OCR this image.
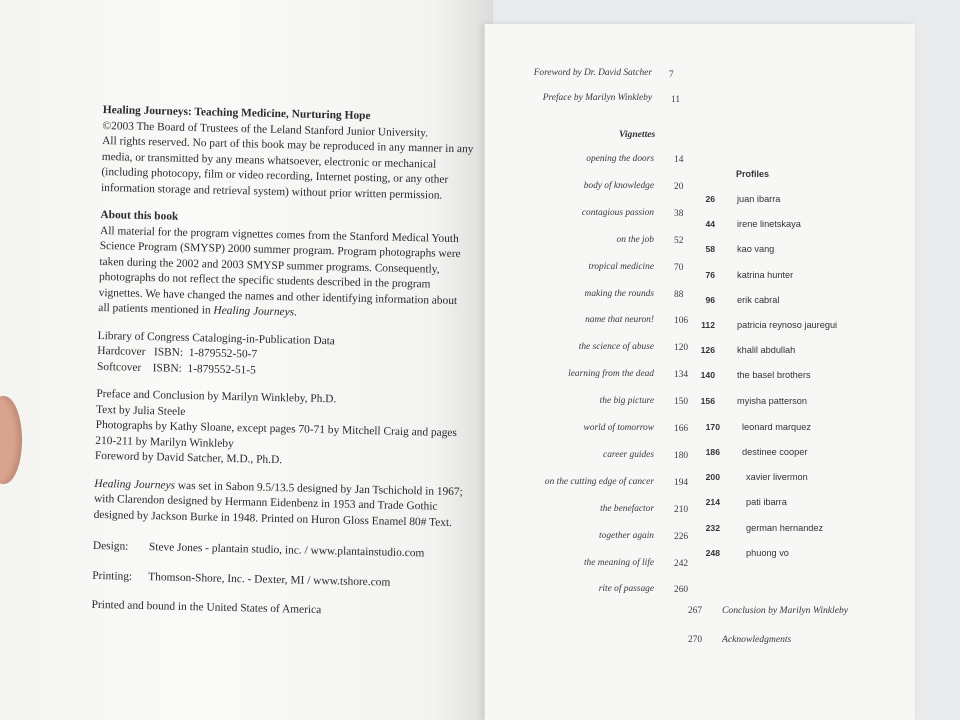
Healing Journeys: Teaching Medicine, Nurturing Hope

©2003 The Board of Trustees of the Leland Stanford Junior University.

All rights reserved. No part of this book may be reproduced in any manner in any media, or transmitted by any means whatsoever, electronic or mechanical (including photocopy, film or video recording, Internet posting, or any other information storage and retrieval system) without prior written permission.

About this book

All material for the program vignettes comes from the Stanford Medical Youth Science Program (SMYSP) 2000 summer program. Program photographs were taken during the 2002 and 2003 SMYSP summer programs. Consequently, photographs do not reflect the specific students described in the program vignettes. We have changed the names and other identifying information about all patients mentioned in Healing Journeys.

Library of Congress Cataloging-in-Publication Data

Hardcover   ISBN:  1-879552-50-7

Softcover    ISBN:  1-879552-51-5

Preface and Conclusion by Marilyn Winkleby, Ph.D.

Text by Julia Steele

Photographs by Kathy Sloane, except pages 70-71 by Mitchell Craig and pages 210-211 by Marilyn Winkleby

Foreword by David Satcher, M.D., Ph.D.

Healing Journeys was set in Sabon 9.5/13.5 designed by Jan Tschichold in 1967; with Clarendon designed by Hermann Eidenbenz in 1953 and Trade Gothic designed by Jackson Burke in 1948. Printed on Huron Gloss Enamel 80# Text.

Design:	Steve Jones - plantain studio, inc. / www.plantainstudio.com
Printing:	Thomson-Shore, Inc. - Dexter, MI / www.tshore.com

Printed and bound in the United States of America

Foreword by Dr. David Satcher 7
Preface by Marilyn Winkleby 11
Vignettes
opening the doors 14
body of knowledge 20
contagious passion 38
on the job 52
tropical medicine 70
making the rounds 88
name that neuron! 106
the science of abuse 120
learning from the dead 134
the big picture 150
world of tomorrow 166
career guides 180
on the cutting edge of cancer 194
the benefactor 210
together again 226
the meaning of life 242
rite of passage 260
Profiles
26 juan ibarra
44 irene linetskaya
58 kao vang
76 katrina hunter
96 erik cabral
112 patricia reynoso jauregui
126 khalil abdullah
140 the basel brothers
156 myisha patterson
170 leonard marquez
186 destinee cooper
200	xavier livermon
214	pati ibarra
232	german hernandez
248	phuong vo
267 Conclusion by Marilyn Winkleby
270 Acknowledgments
